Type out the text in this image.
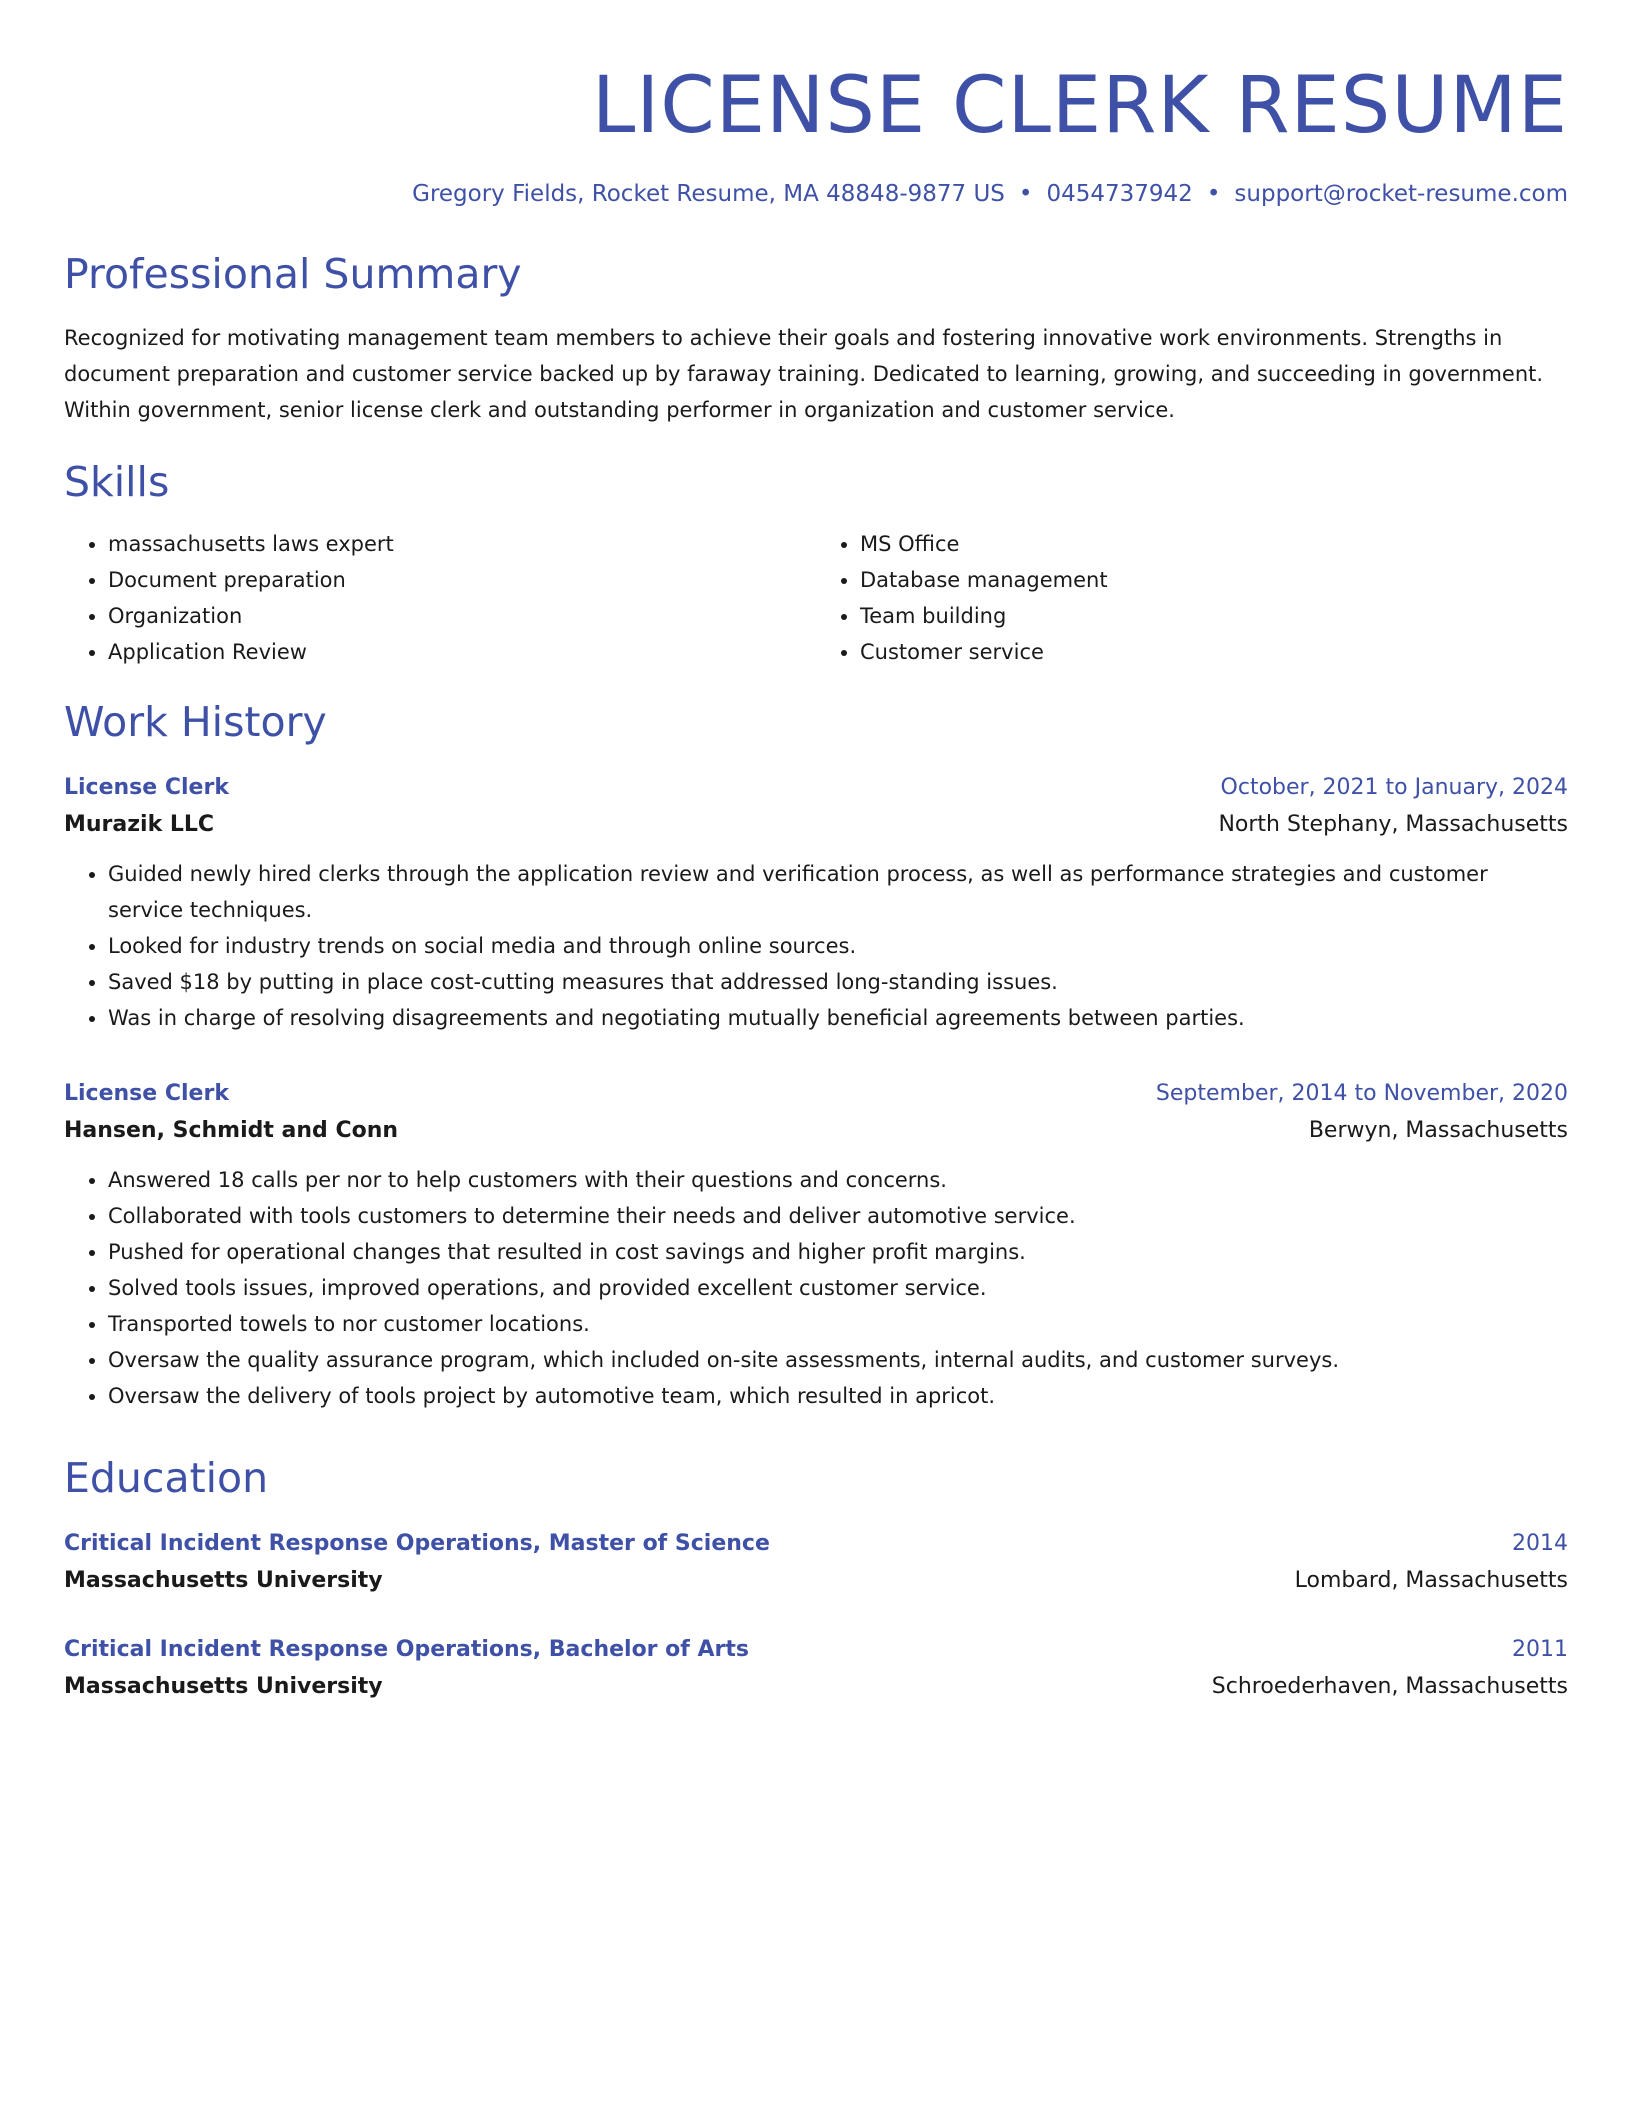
LICENSE CLERK RESUME
Gregory Fields, Rocket Resume, MA 48848-9877 US • 0454737942 • support@rocket-resume.com
Professional Summary
Recognized for motivating management team members to achieve their goals and fostering innovative work environments. Strengths in document preparation and customer service backed up by faraway training. Dedicated to learning, growing, and succeeding in government. Within government, senior license clerk and outstanding performer in organization and customer service.
Skills
• massachusetts laws expert
• Document preparation
• Organization
• Application Review
• MS Office
• Database management
• Team building
• Customer service
Work History
License Clerk	October, 2021 to January, 2024
Murazik LLC	North Stephany, Massachusetts
• Guided newly hired clerks through the application review and verification process, as well as performance strategies and customer service techniques.
• Looked for industry trends on social media and through online sources.
• Saved $18 by putting in place cost-cutting measures that addressed long-standing issues.
• Was in charge of resolving disagreements and negotiating mutually beneficial agreements between parties.
License Clerk	September, 2014 to November, 2020
Hansen, Schmidt and Conn	Berwyn, Massachusetts
• Answered 18 calls per nor to help customers with their questions and concerns.
• Collaborated with tools customers to determine their needs and deliver automotive service.
• Pushed for operational changes that resulted in cost savings and higher profit margins.
• Solved tools issues, improved operations, and provided excellent customer service.
• Transported towels to nor customer locations.
• Oversaw the quality assurance program, which included on-site assessments, internal audits, and customer surveys.
• Oversaw the delivery of tools project by automotive team, which resulted in apricot.
Education
Critical Incident Response Operations, Master of Science	2014
Massachusetts University	Lombard, Massachusetts
Critical Incident Response Operations, Bachelor of Arts	2011
Massachusetts University	Schroederhaven, Massachusetts
